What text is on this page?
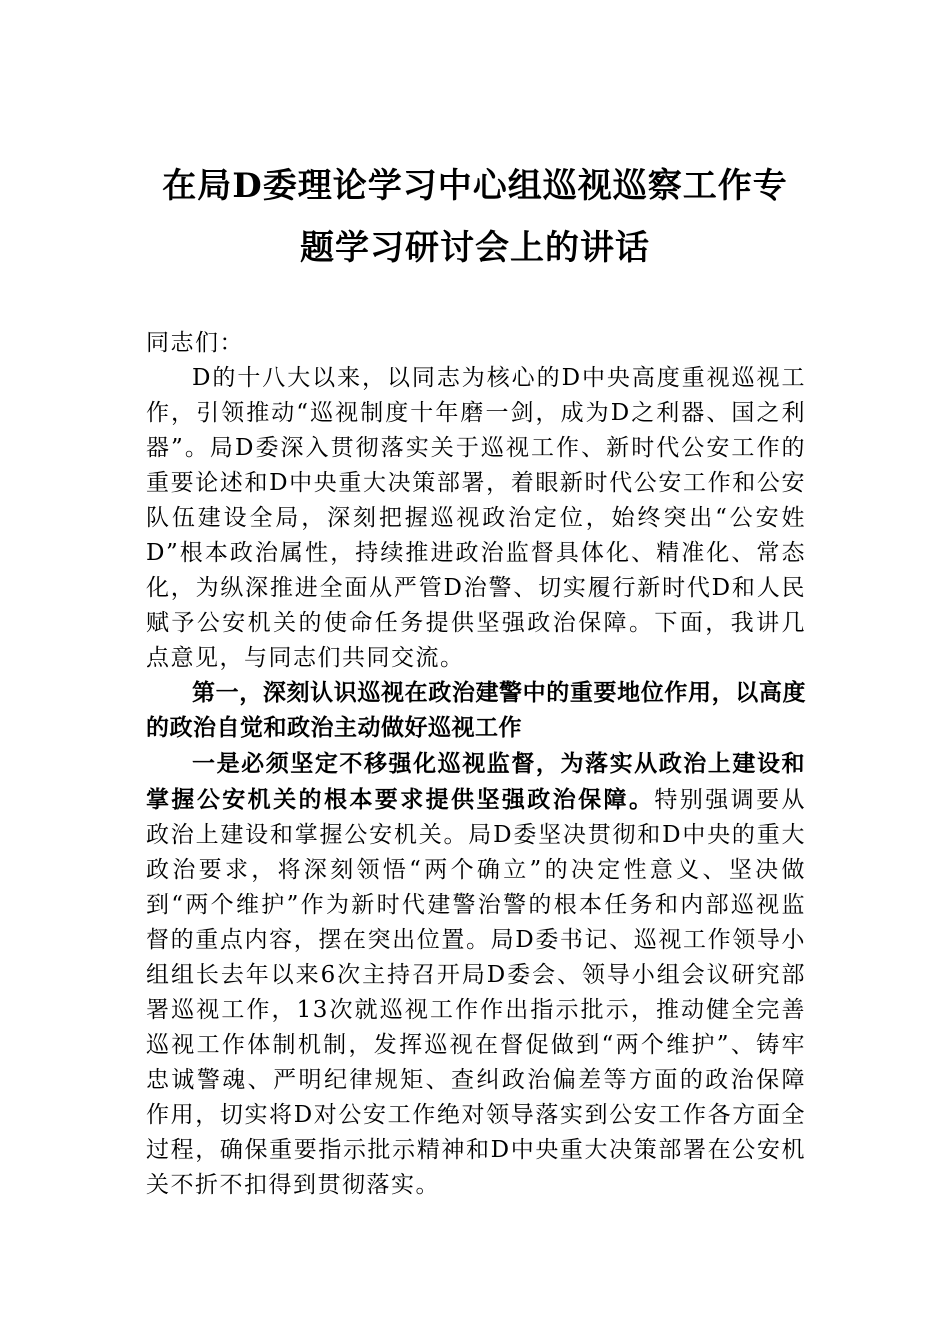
在局D委理论学习中心组巡视巡察工作专
题学习研讨会上的讲话

同志们：

D的十八大以来，以同志为核心的D中央高度重视巡视工作，引领推动“巡视制度十年磨一剑，成为D之利器、国之利器”。局D委深入贯彻落实关于巡视工作、新时代公安工作的重要论述和D中央重大决策部署，着眼新时代公安工作和公安队伍建设全局，深刻把握巡视政治定位，始终突出“公安姓D”根本政治属性，持续推进政治监督具体化、精准化、常态化，为纵深推进全面从严管D治警、切实履行新时代D和人民赋予公安机关的使命任务提供坚强政治保障。下面，我讲几点意见，与同志们共同交流。

第一，深刻认识巡视在政治建警中的重要地位作用，以高度的政治自觉和政治主动做好巡视工作

一是必须坚定不移强化巡视监督，为落实从政治上建设和掌握公安机关的根本要求提供坚强政治保障。特别强调要从政治上建设和掌握公安机关。局D委坚决贯彻和D中央的重大政治要求，将深刻领悟“两个确立”的决定性意义、坚决做到“两个维护”作为新时代建警治警的根本任务和内部巡视监督的重点内容，摆在突出位置。局D委书记、巡视工作领导小组组长去年以来6次主持召开局D委会、领导小组会议研究部署巡视工作，13次就巡视工作作出指示批示，推动健全完善巡视工作体制机制，发挥巡视在督促做到“两个维护”、铸牢忠诚警魂、严明纪律规矩、查纠政治偏差等方面的政治保障作用，切实将D对公安工作绝对领导落实到公安工作各方面全过程，确保重要指示批示精神和D中央重大决策部署在公安机关不折不扣得到贯彻落实。
